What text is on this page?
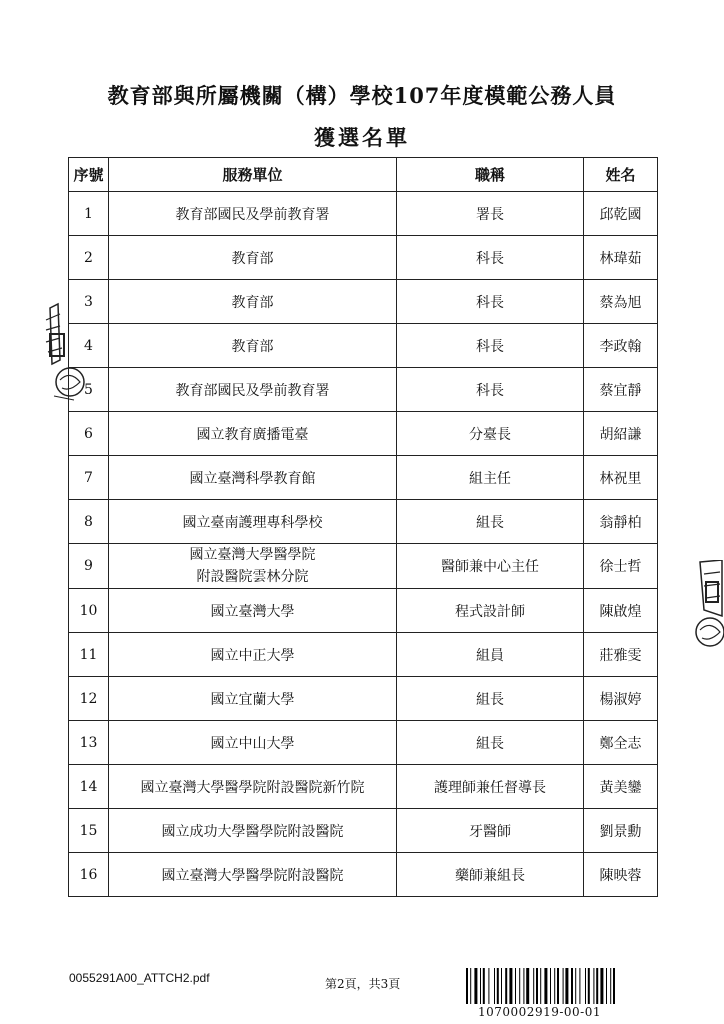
教育部與所屬機關（構）學校107年度模範公務人員
獲選名單
序號	服務單位	職稱	姓名
1	教育部國民及學前教育署	署長	邱乾國
2	教育部	科長	林瑋茹
3	教育部	科長	蔡為旭
4	教育部	科長	李政翰
5	教育部國民及學前教育署	科長	蔡宜靜
6	國立教育廣播電臺	分臺長	胡紹謙
7	國立臺灣科學教育館	組主任	林祝里
8	國立臺南護理專科學校	組長	翁靜柏
9	國立臺灣大學醫學院
附設醫院雲林分院	醫師兼中心主任	徐士哲
10	國立臺灣大學	程式設計師	陳啟煌
11	國立中正大學	組員	莊雅雯
12	國立宜蘭大學	組長	楊淑婷
13	國立中山大學	組長	鄭全志
14	國立臺灣大學醫學院附設醫院新竹院	護理師兼任督導長	黃美鑾
15	國立成功大學醫學院附設醫院	牙醫師	劉景勳
16	國立臺灣大學醫學院附設醫院	藥師兼組長	陳映蓉
0055291A00_ATTCH2.pdf	第2頁，共3頁
1070002919-00-01
